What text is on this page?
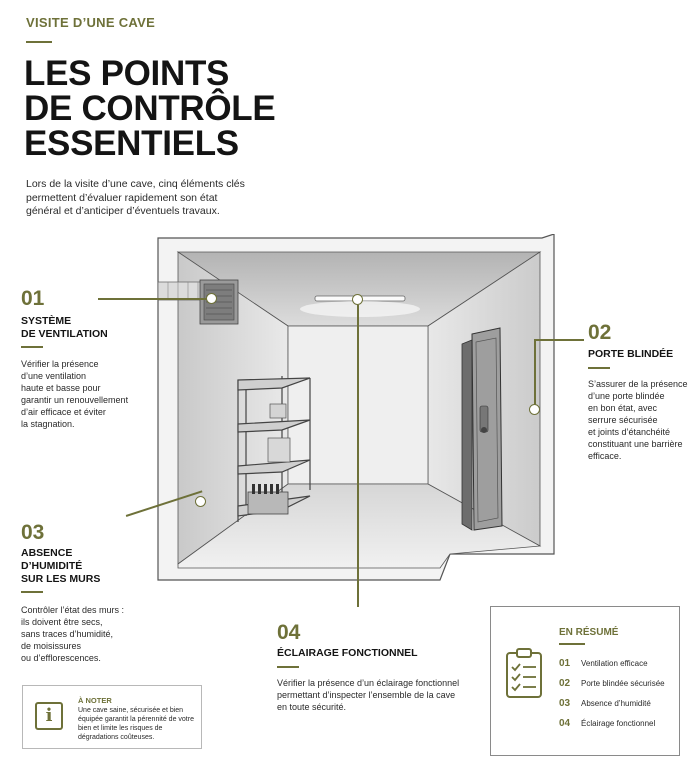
VISITE D’UNE CAVE
LES POINTS
DE CONTRÔLE
ESSENTIELS
Lors de la visite d’une cave, cinq éléments clés permettent d’évaluer rapidement son état général et d’anticiper d’éventuels travaux.
01
SYSTÈME
DE VENTILATION
Vérifier la présence
d’une ventilation
haute et basse pour
garantir un renouvellement
d’air efficace et éviter
la stagnation.
02
PORTE BLINDÉE
S’assurer de la présence
d’une porte blindée
en bon état, avec
serrure sécurisée
et joints d’étanchéité
constituant une barrière
efficace.
03
ABSENCE
D’HUMIDITÉ
SUR LES MURS
Contrôler l’état des murs :
ils doivent être secs,
sans traces d’humidité,
de moisissures
ou d’efflorescences.
04
ÉCLAIRAGE FONCTIONNEL
Vérifier la présence d’un éclairage fonctionnel
permettant d’inspecter l’ensemble de la cave
en toute sécurité.
i
À NOTER
Une cave saine, sécurisée et bien équipée garantit la pérennité de votre bien et limite les risques de dégradations coûteuses.
EN RÉSUMÉ
01 Ventilation efficace
02 Porte blindée sécurisée
03 Absence d’humidité
04 Éclairage fonctionnel
